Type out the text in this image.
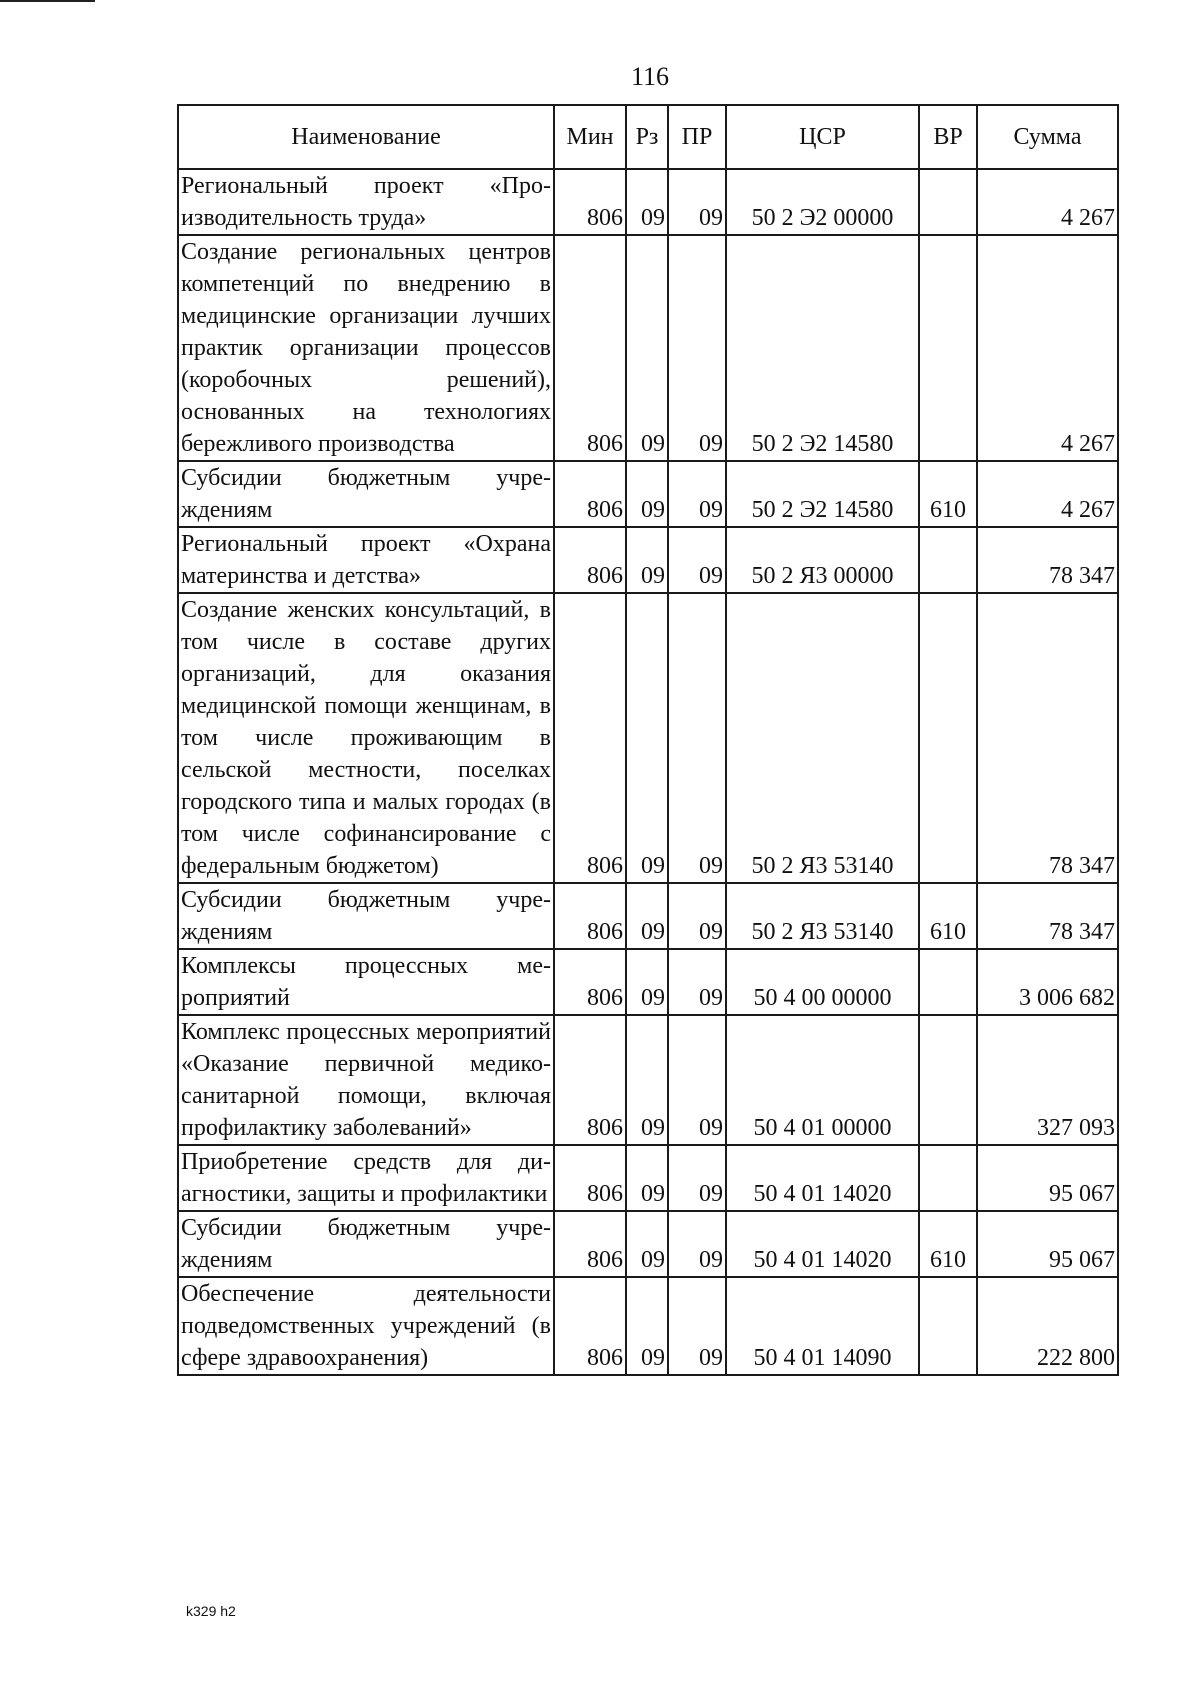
116
Наименование	Мин	Рз	ПР	ЦСР	ВР	Сумма
Региональный проект «Производительность труда»	806	09	09	50 2 Э2 00000		4 267
Создание региональных центров компетенций по внедрению в медицинские организации лучших практик организации процессов (коробочных решений), основанных на технологиях бережливого производства	806	09	09	50 2 Э2 14580		4 267
Субсидии бюджетным учреждениям	806	09	09	50 2 Э2 14580	610	4 267
Региональный проект «Охрана материнства и детства»	806	09	09	50 2 Я3 00000		78 347
Создание женских консультаций, в том числе в составе других организаций, для оказания медицинской помощи женщинам, в том числе проживающим в сельской местности, поселках городского типа и малых городах (в том числе софинансирование с федеральным бюджетом)	806	09	09	50 2 Я3 53140		78 347
Субсидии бюджетным учреждениям	806	09	09	50 2 Я3 53140	610	78 347
Комплексы процессных мероприятий	806	09	09	50 4 00 00000		3 006 682
Комплекс процессных мероприятий «Оказание первичной медико-санитарной помощи, включая профилактику заболеваний»	806	09	09	50 4 01 00000		327 093
Приобретение средств для диагностики, защиты и профилактики	806	09	09	50 4 01 14020		95 067
Субсидии бюджетным учреждениям	806	09	09	50 4 01 14020	610	95 067
Обеспечение деятельности подведомственных учреждений (в сфере здравоохранения)	806	09	09	50 4 01 14090		222 800
k329 h2
